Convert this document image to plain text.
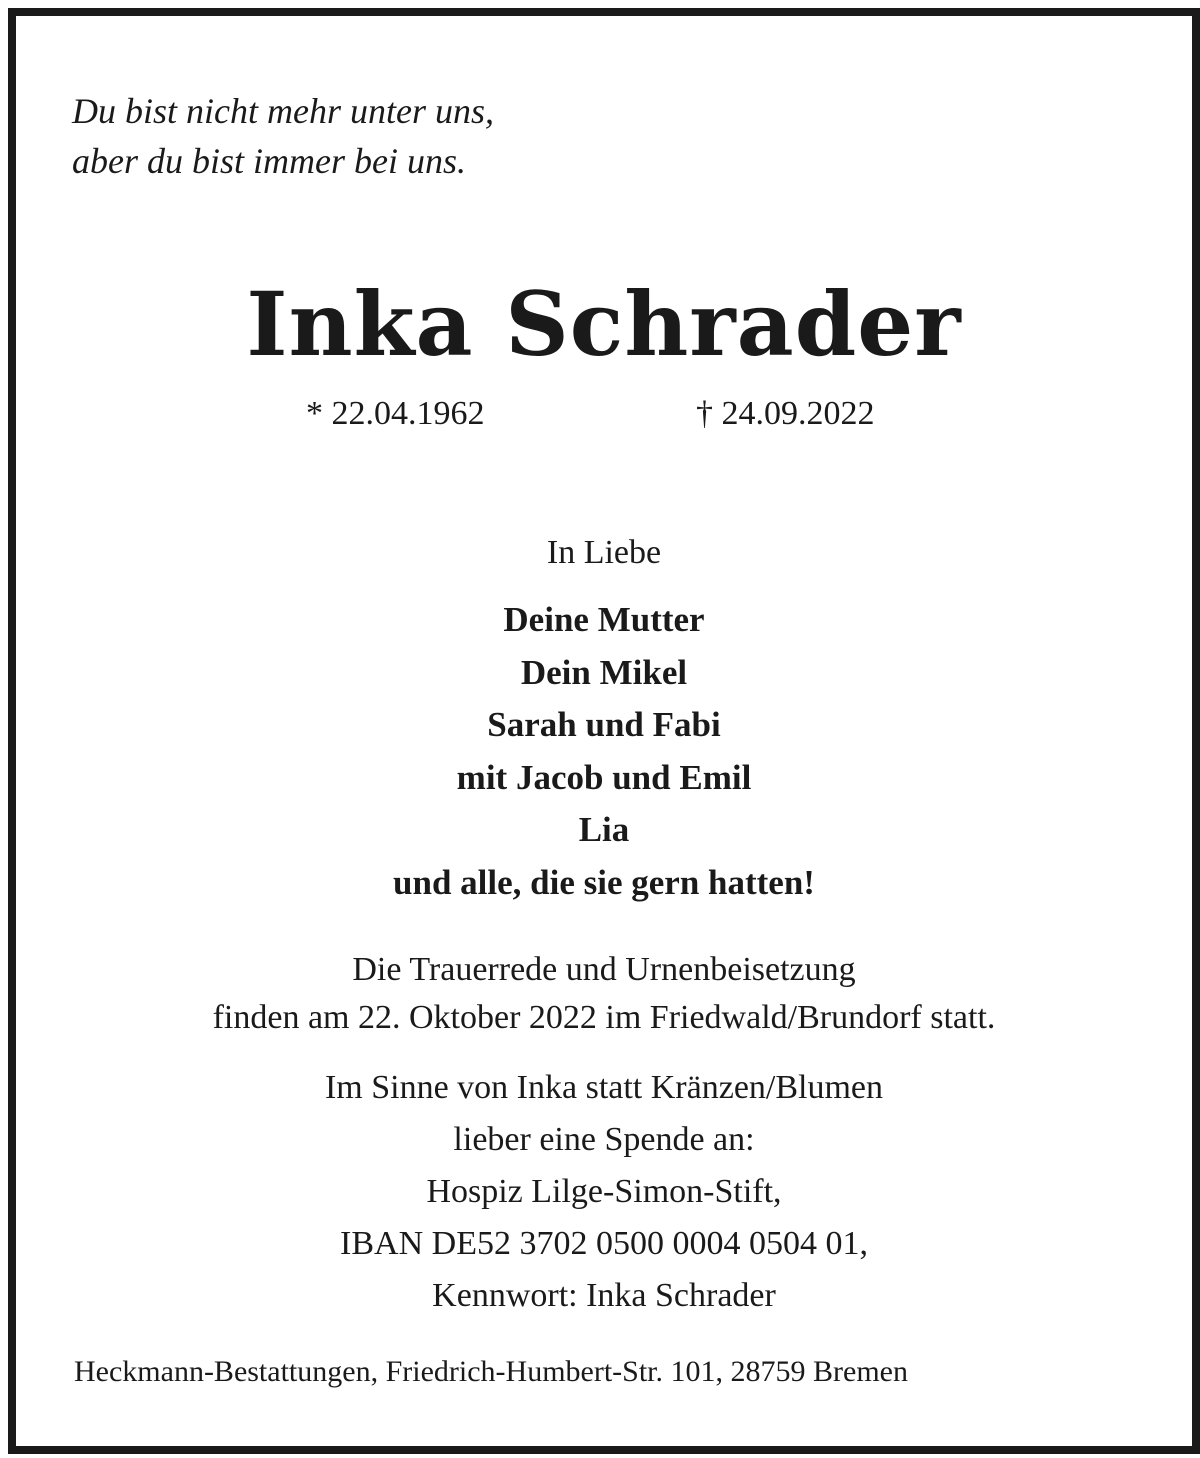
Du bist nicht mehr unter uns,
aber du bist immer bei uns.
Inka Schrader
* 22.04.1962	† 24.09.2022
In Liebe
Deine Mutter
Dein Mikel
Sarah und Fabi
mit Jacob und Emil
Lia
und alle, die sie gern hatten!
Die Trauerrede und Urnenbeisetzung
finden am 22. Oktober 2022 im Friedwald/Brundorf statt.
Im Sinne von Inka statt Kränzen/Blumen
lieber eine Spende an:
Hospiz Lilge-Simon-Stift,
IBAN DE52 3702 0500 0004 0504 01,
Kennwort: Inka Schrader
Heckmann-Bestattungen, Friedrich-Humbert-Str. 101, 28759 Bremen
